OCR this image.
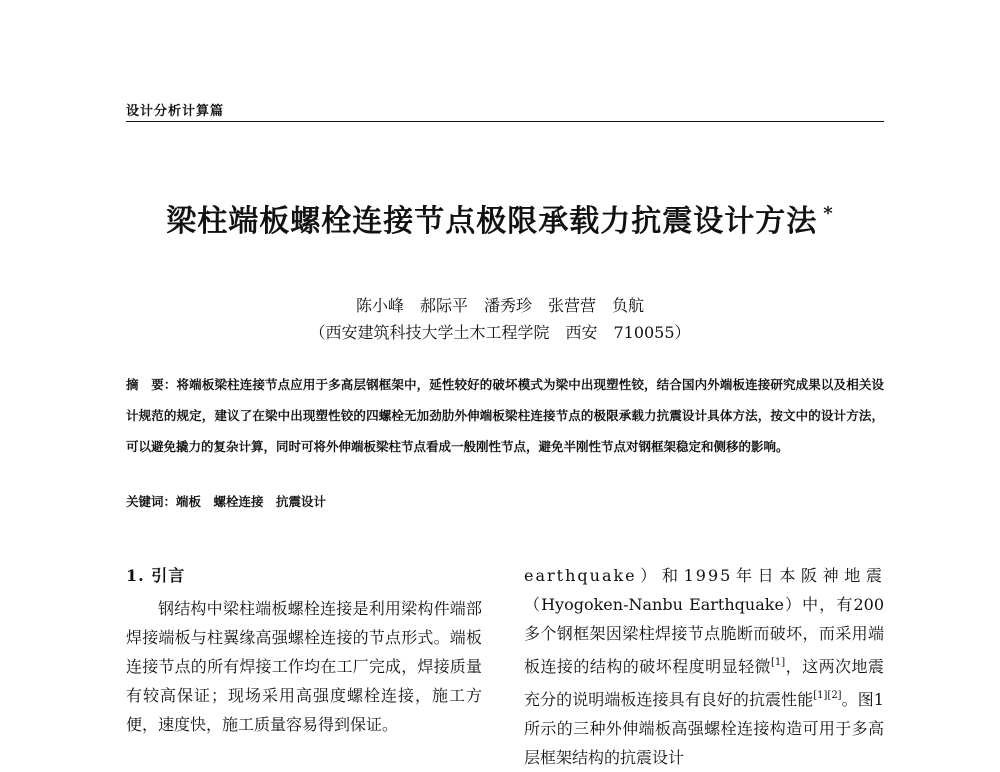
设计分析计算篇
梁柱端板螺栓连接节点极限承载力抗震设计方法 *
陈小峰　郝际平　潘秀珍　张营营　负航
（西安建筑科技大学土木工程学院　西安　710055）
摘　要：将端板梁柱连接节点应用于多高层钢框架中，延性较好的破坏模式为梁中出现塑性铰，结合国内外端板连接研究成果以及相关设计规范的规定，建议了在梁中出现塑性铰的四螺栓无加劲肋外伸端板梁柱连接节点的极限承载力抗震设计具体方法，按文中的设计方法，可以避免撬力的复杂计算，同时可将外伸端板梁柱节点看成一般刚性节点，避免半刚性节点对钢框架稳定和侧移的影响。
关键词：端板　螺栓连接　抗震设计
1. 引言

钢结构中梁柱端板螺栓连接是利用梁构件端部焊接端板与柱翼缘高强螺栓连接的节点形式。端板连接节点的所有焊接工作均在工厂完成，焊接质量有较高保证；现场采用高强度螺栓连接，施工方便，速度快，施工质量容易得到保证。

earthquake）和1995年日本阪神地震（Hyogoken-Nanbu Earthquake）中，有200多个钢框架因梁柱焊接节点脆断而破坏，而采用端板连接的结构的破坏程度明显轻微[1]，这两次地震充分的说明端板连接具有良好的抗震性能[1][2]。图1所示的三种外伸端板高强螺栓连接构造可用于多高层框架结构的抗震设计
